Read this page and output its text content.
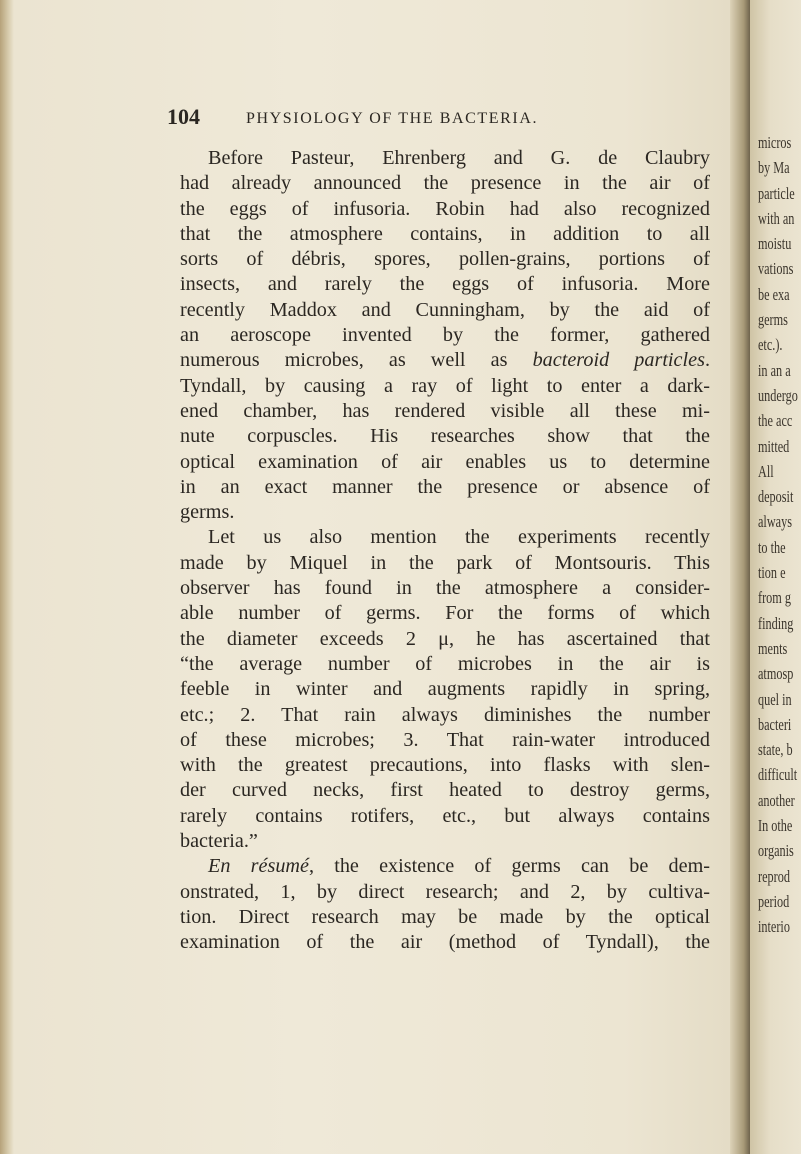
104	PHYSIOLOGY OF THE BACTERIA.
Before Pasteur, Ehrenberg and G. de Claubry
had already announced the presence in the air of
the eggs of infusoria. Robin had also recognized
that the atmosphere contains, in addition to all
sorts of débris, spores, pollen-grains, portions of
insects, and rarely the eggs of infusoria. More
recently Maddox and Cunningham, by the aid of
an aeroscope invented by the former, gathered
numerous microbes, as well as bacteroid particles.
Tyndall, by causing a ray of light to enter a dark-
ened chamber, has rendered visible all these mi-
nute corpuscles. His researches show that the
optical examination of air enables us to determine
in an exact manner the presence or absence of
germs.
Let us also mention the experiments recently
made by Miquel in the park of Montsouris. This
observer has found in the atmosphere a consider-
able number of germs. For the forms of which
the diameter exceeds 2 μ, he has ascertained that
“the average number of microbes in the air is
feeble in winter and augments rapidly in spring,
etc.; 2. That rain always diminishes the number
of these microbes; 3. That rain-water introduced
with the greatest precautions, into flasks with slen-
der curved necks, first heated to destroy germs,
rarely contains rotifers, etc., but always contains
bacteria.”
En résumé, the existence of germs can be dem-
onstrated, 1, by direct research; and 2, by cultiva-
tion. Direct research may be made by the optical
examination of the air (method of Tyndall), the
micros
by Ma
particle
with an
moistu
vations
be exa
germs
etc.).
in an a
undergo
the acc
mitted
All
deposit
always
to the
tion e
from g
finding
ments
atmosp
quel in
bacteri
state, b
difficult
another
In othe
organis
reprod
period
interio
